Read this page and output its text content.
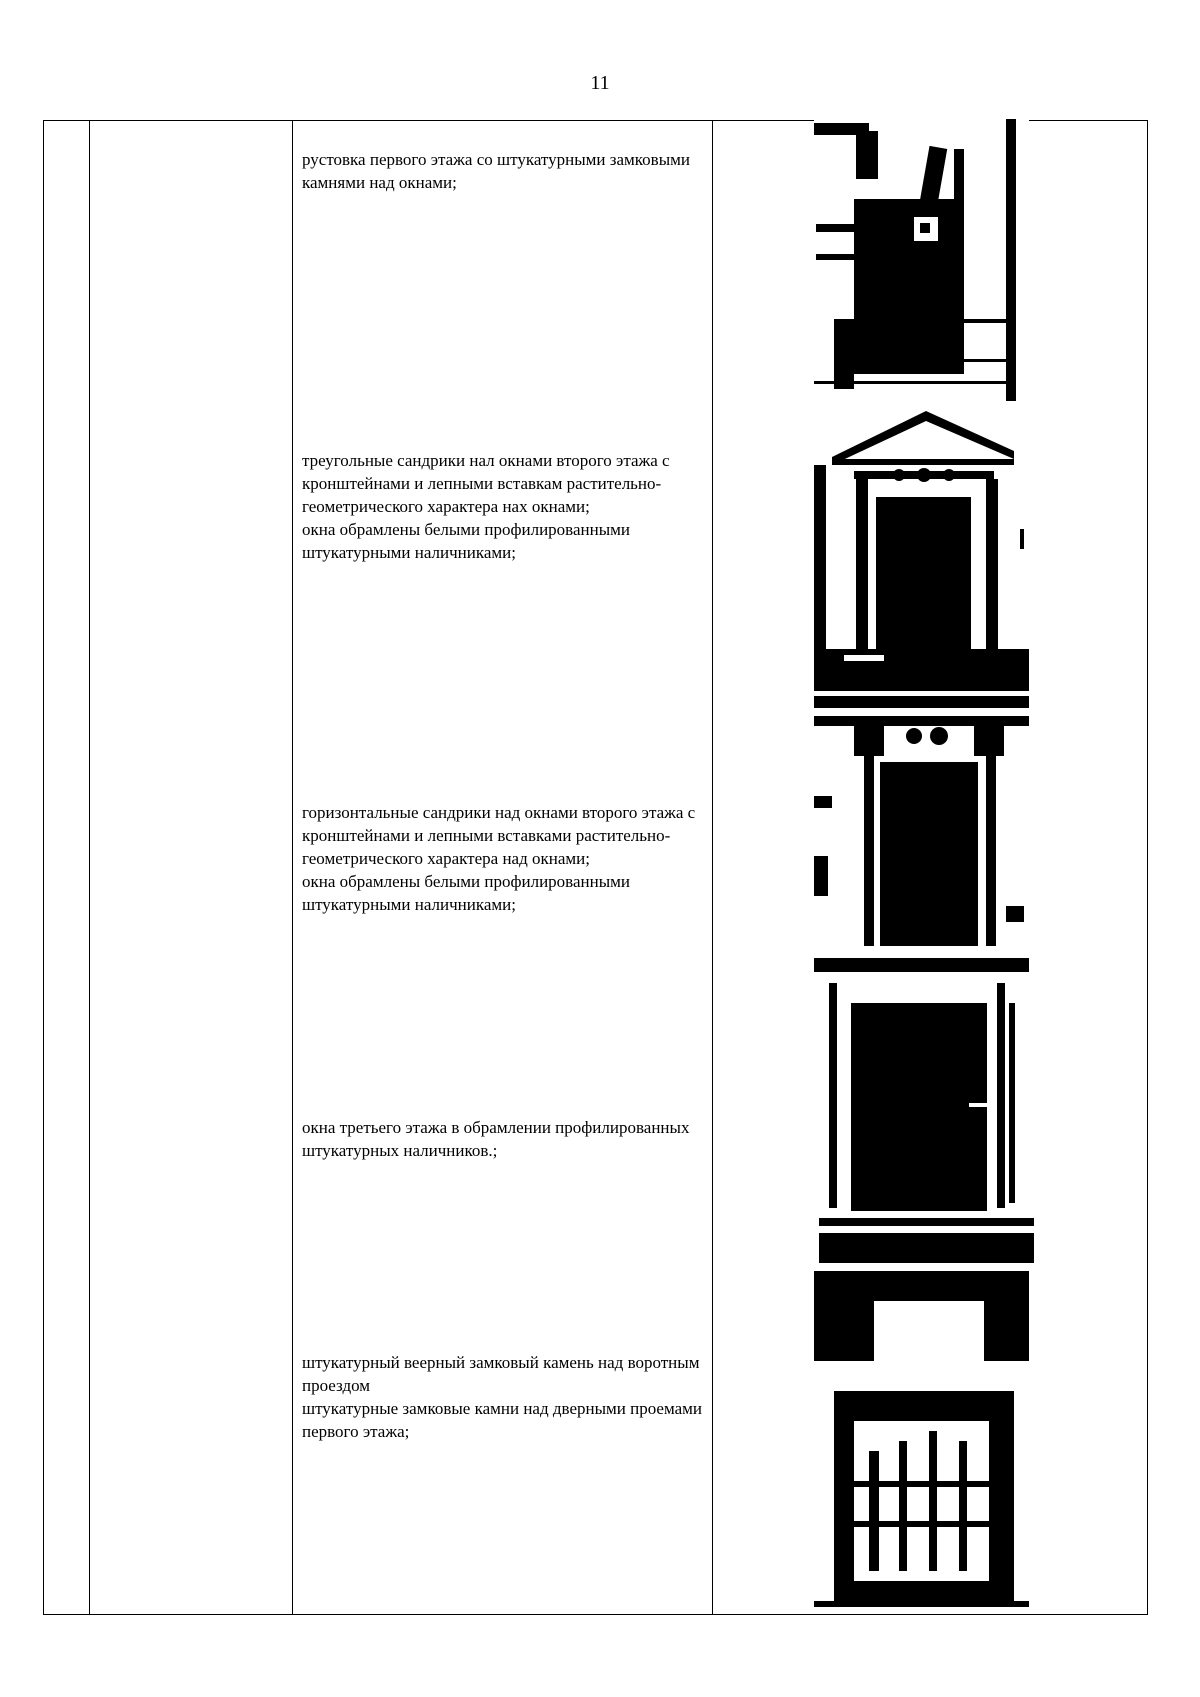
11

рустовка первого этажа со штукатурными замковыми камнями над окнами;

треугольные сандрики нал окнами второго этажа с кронштейнами и лепными вставкам растительно-геометрического характера нах окнами;

окна обрамлены белыми профилированными штукатурными наличниками;

горизонтальные сандрики над окнами второго этажа с кронштейнами и лепными вставками растительно-геометрического характера над окнами;

окна обрамлены белыми профилированными штукатурными наличниками;

окна третьего этажа в обрамлении профилированных штукатурных наличников.;

штукатурный веерный замковый камень над воротным проездом

штукатурные замковые камни над дверными проемами первого этажа;
